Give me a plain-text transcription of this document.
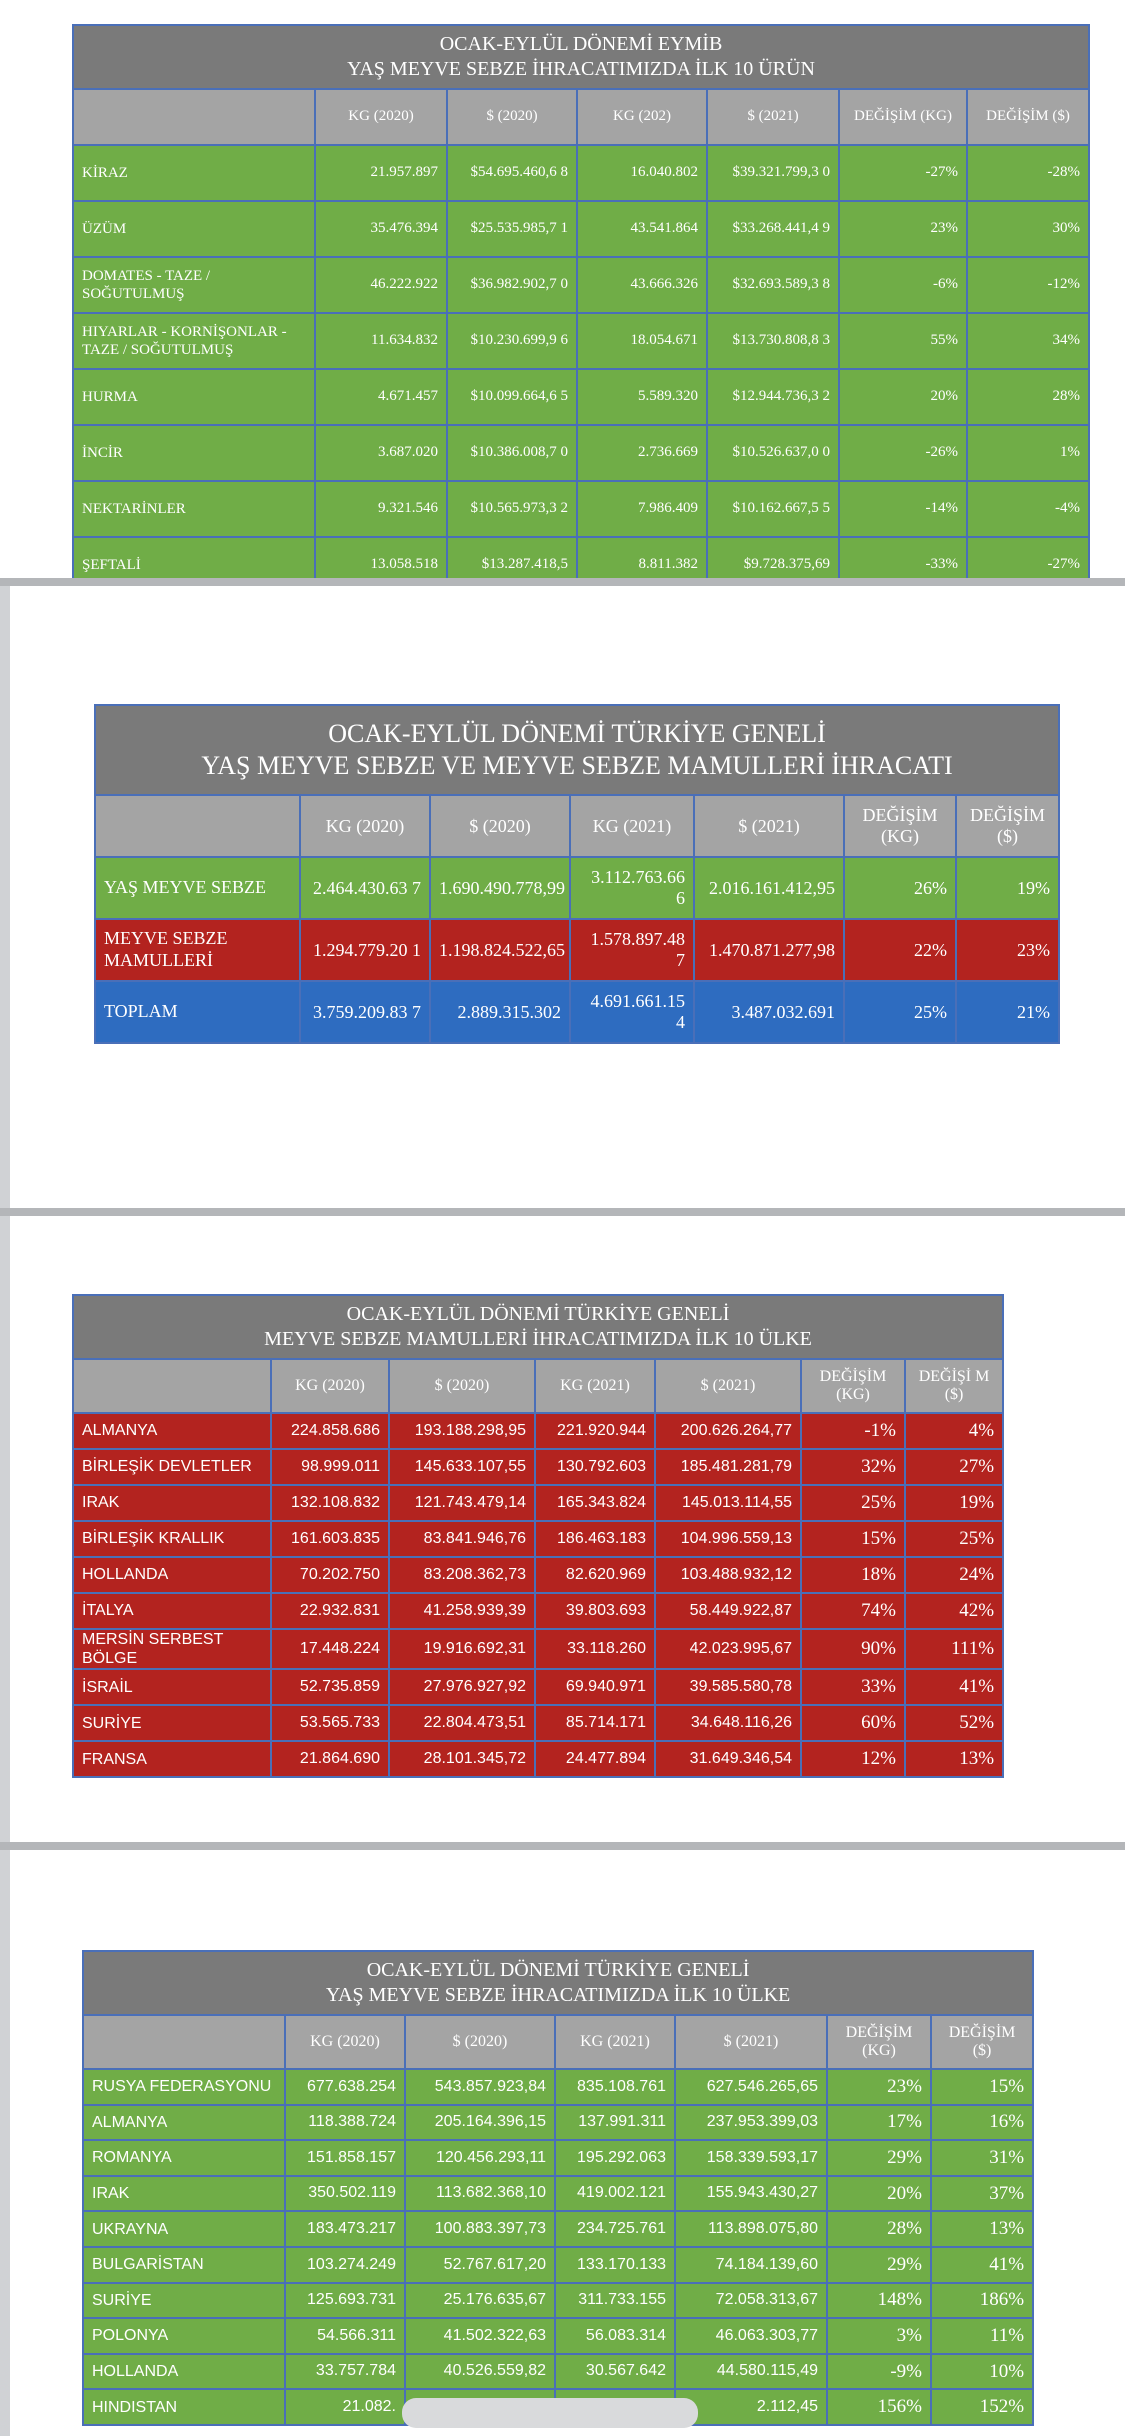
OCAK-EYLÜL DÖNEMİ EYMİB
YAŞ MEYVE SEBZE İHRACATIMIZDA İLK 10 ÜRÜN						
	KG (2020)	$ (2020)	KG (202)	$ (2021)	DEĞİŞİM (KG)	DEĞİŞİM ($)
KİRAZ	21.957.897	$54.695.460,6 8	16.040.802	$39.321.799,3 0	-27%	-28%
ÜZÜM	35.476.394	$25.535.985,7 1	43.541.864	$33.268.441,4 9	23%	30%
DOMATES - TAZE / SOĞUTULMUŞ	46.222.922	$36.982.902,7 0	43.666.326	$32.693.589,3 8	-6%	-12%
HIYARLAR - KORNİŞONLAR - TAZE / SOĞUTULMUŞ	11.634.832	$10.230.699,9 6	18.054.671	$13.730.808,8 3	55%	34%
HURMA	4.671.457	$10.099.664,6 5	5.589.320	$12.944.736,3 2	20%	28%
İNCİR	3.687.020	$10.386.008,7 0	2.736.669	$10.526.637,0 0	-26%	1%
NEKTARİNLER	9.321.546	$10.565.973,3 2	7.986.409	$10.162.667,5 5	-14%	-4%
ŞEFTALİ	13.058.518	$13.287.418,5	8.811.382	$9.728.375,69	-33%	-27%
OCAK-EYLÜL DÖNEMİ TÜRKİYE GENELİ
YAŞ MEYVE SEBZE VE MEYVE SEBZE MAMULLERİ İHRACATI						
	KG (2020)	$ (2020)	KG (2021)	$ (2021)	DEĞİŞİM (KG)	DEĞİŞİM ($)
YAŞ MEYVE SEBZE	2.464.430.63 7	1.690.490.778,99	3.112.763.66 6	2.016.161.412,95	26%	19%
MEYVE SEBZE MAMULLERİ	1.294.779.20 1	1.198.824.522,65	1.578.897.48 7	1.470.871.277,98	22%	23%
TOPLAM	3.759.209.83 7	2.889.315.302	4.691.661.15 4	3.487.032.691	25%	21%
OCAK-EYLÜL DÖNEMİ TÜRKİYE GENELİ
MEYVE SEBZE MAMULLERİ İHRACATIMIZDA İLK 10 ÜLKE						
	KG (2020)	$ (2020)	KG (2021)	$ (2021)	DEĞİŞİM (KG)	DEĞİŞİ M ($)
ALMANYA	224.858.686	193.188.298,95	221.920.944	200.626.264,77	-1%	4%
BİRLEŞİK DEVLETLER	98.999.011	145.633.107,55	130.792.603	185.481.281,79	32%	27%
IRAK	132.108.832	121.743.479,14	165.343.824	145.013.114,55	25%	19%
BİRLEŞİK KRALLIK	161.603.835	83.841.946,76	186.463.183	104.996.559,13	15%	25%
HOLLANDA	70.202.750	83.208.362,73	82.620.969	103.488.932,12	18%	24%
İTALYA	22.932.831	41.258.939,39	39.803.693	58.449.922,87	74%	42%
MERSİN SERBEST BÖLGE	17.448.224	19.916.692,31	33.118.260	42.023.995,67	90%	111%
İSRAİL	52.735.859	27.976.927,92	69.940.971	39.585.580,78	33%	41%
SURİYE	53.565.733	22.804.473,51	85.714.171	34.648.116,26	60%	52%
FRANSA	21.864.690	28.101.345,72	24.477.894	31.649.346,54	12%	13%
OCAK-EYLÜL DÖNEMİ TÜRKİYE GENELİ
YAŞ MEYVE SEBZE İHRACATIMIZDA İLK 10 ÜLKE						
	KG (2020)	$ (2020)	KG (2021)	$ (2021)	DEĞİŞİM (KG)	DEĞİŞİM ($)
RUSYA FEDERASYONU	677.638.254	543.857.923,84	835.108.761	627.546.265,65	23%	15%
ALMANYA	118.388.724	205.164.396,15	137.991.311	237.953.399,03	17%	16%
ROMANYA	151.858.157	120.456.293,11	195.292.063	158.339.593,17	29%	31%
IRAK	350.502.119	113.682.368,10	419.002.121	155.943.430,27	20%	37%
UKRAYNA	183.473.217	100.883.397,73	234.725.761	113.898.075,80	28%	13%
BULGARİSTAN	103.274.249	52.767.617,20	133.170.133	74.184.139,60	29%	41%
SURİYE	125.693.731	25.176.635,67	311.733.155	72.058.313,67	148%	186%
POLONYA	54.566.311	41.502.322,63	56.083.314	46.063.303,77	3%	11%
HOLLANDA	33.757.784	40.526.559,82	30.567.642	44.580.115,49	-9%	10%
HINDISTAN	21.082.			2.112,45	156%	152%
